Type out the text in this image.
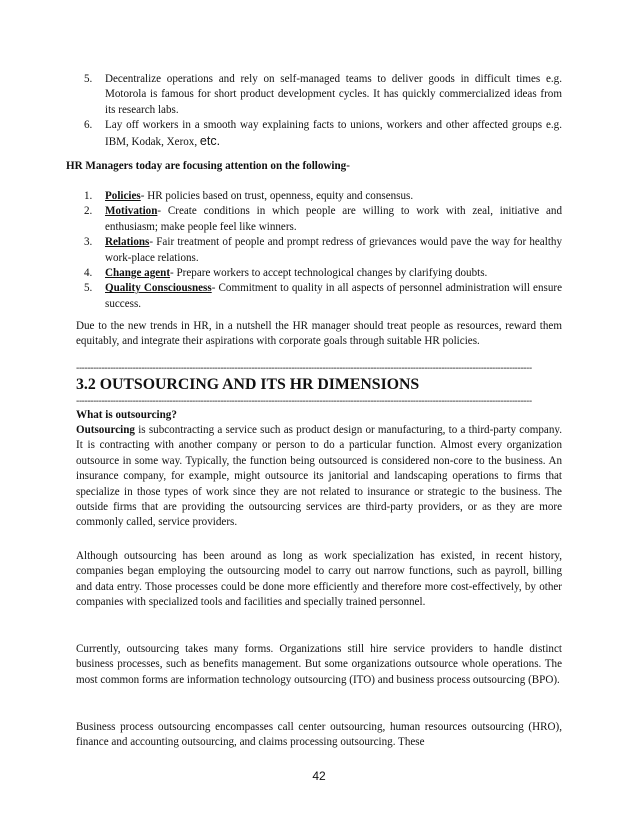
5. Decentralize operations and rely on self-managed teams to deliver goods in difficult times e.g. Motorola is famous for short product development cycles. It has quickly commercialized ideas from its research labs.
6. Lay off workers in a smooth way explaining facts to unions, workers and other affected groups e.g. IBM, Kodak, Xerox, etc.
HR Managers today are focusing attention on the following-
1. Policies- HR policies based on trust, openness, equity and consensus.
2. Motivation- Create conditions in which people are willing to work with zeal, initiative and enthusiasm; make people feel like winners.
3. Relations- Fair treatment of people and prompt redress of grievances would pave the way for healthy work-place relations.
4. Change agent- Prepare workers to accept technological changes by clarifying doubts.
5. Quality Consciousness- Commitment to quality in all aspects of personnel administration will ensure success.

Due to the new trends in HR, in a nutshell the HR manager should treat people as resources, reward them equitably, and integrate their aspirations with corporate goals through suitable HR policies.

-----------------------------------------------------------------------------------------------------------------------------------------------------------------
3.2 OUTSOURCING AND ITS HR DIMENSIONS
-----------------------------------------------------------------------------------------------------------------------------------------------------------------
What is outsourcing?

Outsourcing is subcontracting a service such as product design or manufacturing, to a third-party company. It is contracting with another company or person to do a particular function. Almost every organization outsource in some way. Typically, the function being outsourced is considered non-core to the business. An insurance company, for example, might outsource its janitorial and landscaping operations to firms that specialize in those types of work since they are not related to insurance or strategic to the business. The outside firms that are providing the outsourcing services are third-party providers, or as they are more commonly called, service providers.

Although outsourcing has been around as long as work specialization has existed, in recent history, companies began employing the outsourcing model to carry out narrow functions, such as payroll, billing and data entry. Those processes could be done more efficiently and therefore more cost-effectively, by other companies with specialized tools and facilities and specially trained personnel.

Currently, outsourcing takes many forms. Organizations still hire service providers to handle distinct business processes, such as benefits management. But some organizations outsource whole operations. The most common forms are information technology outsourcing (ITO) and business process outsourcing (BPO).

Business process outsourcing encompasses call center outsourcing, human resources outsourcing (HRO), finance and accounting outsourcing, and claims processing outsourcing. These

42
